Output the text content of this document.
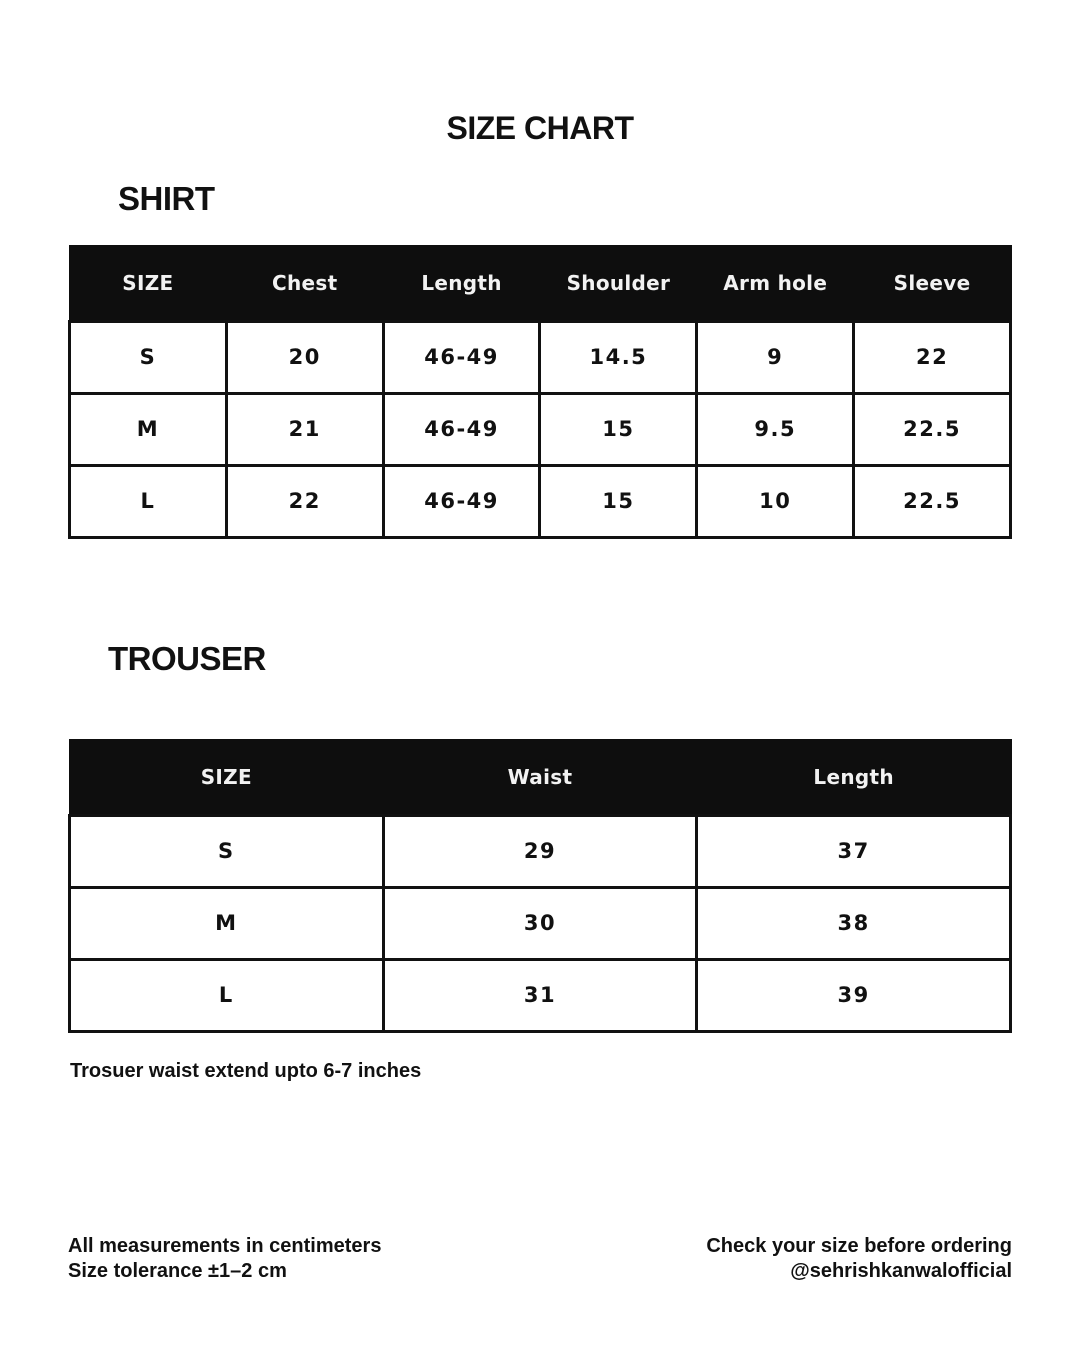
SIZE CHART
SHIRT
SIZE	Chest	Length	Shoulder	Arm hole	Sleeve
S	20	46-49	14.5	9	22
M	21	46-49	15	9.5	22.5
L	22	46-49	15	10	22.5
TROUSER
SIZE	Waist	Length
S	29	37
M	30	38
L	31	39
Trosuer waist extend upto 6-7 inches
All measurements in centimeters
Size tolerance ±1–2 cm
Check your size before ordering
@sehrishkanwalofficial
